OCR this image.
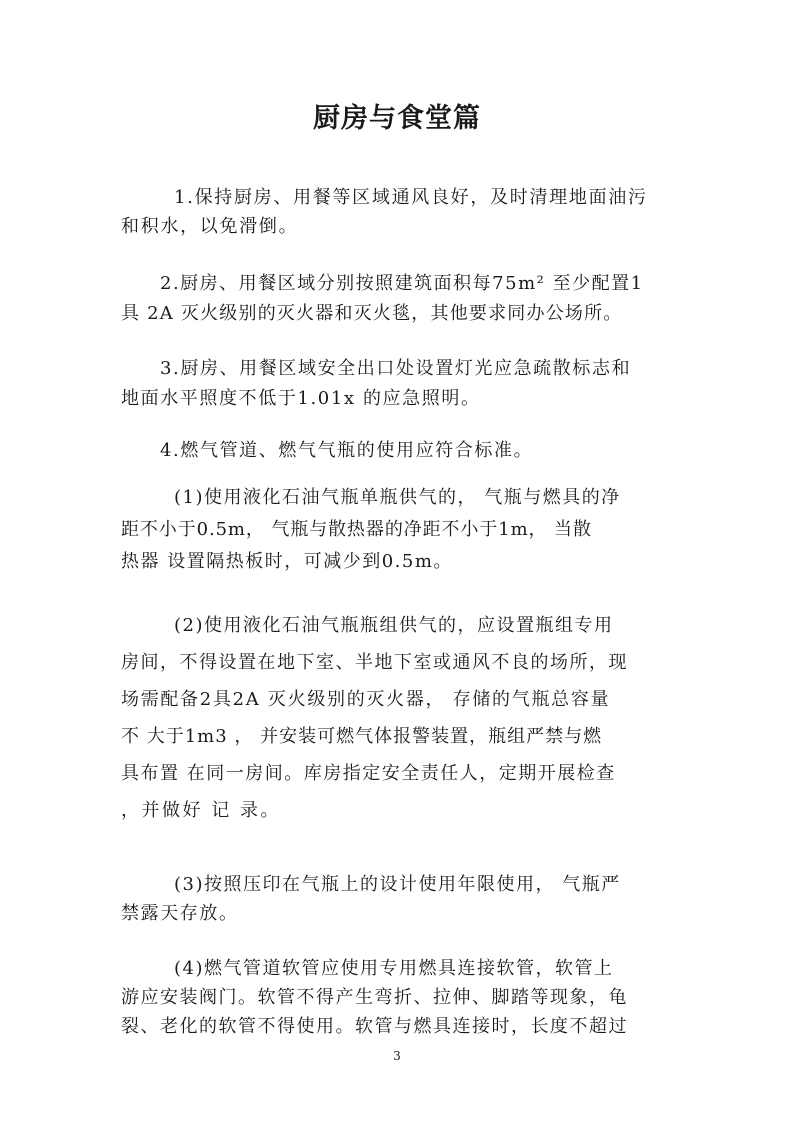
厨房与食堂篇
1.保持厨房、用餐等区域通风良好，及时清理地面油污
和积水，以免滑倒。
2.厨房、用餐区域分别按照建筑面积每75m² 至少配置1
具 2A 灭火级别的灭火器和灭火毯，其他要求同办公场所。
3.厨房、用餐区域安全出口处设置灯光应急疏散标志和
地面水平照度不低于1.01x 的应急照明。
4.燃气管道、燃气气瓶的使用应符合标准。
(1)使用液化石油气瓶单瓶供气的， 气瓶与燃具的净
距不小于0.5m， 气瓶与散热器的净距不小于1m， 当散
热器 设置隔热板时，可减少到0.5m。
(2)使用液化石油气瓶瓶组供气的，应设置瓶组专用
房间，不得设置在地下室、半地下室或通风不良的场所，现
场需配备2具2A 灭火级别的灭火器， 存储的气瓶总容量
不 大于1m3 ， 并安装可燃气体报警装置，瓶组严禁与燃
具布置 在同一房间。库房指定安全责任人，定期开展检查
，并做好 记 录。
(3)按照压印在气瓶上的设计使用年限使用， 气瓶严
禁露天存放。
(4)燃气管道软管应使用专用燃具连接软管，软管上
游应安装阀门。软管不得产生弯折、拉伸、脚踏等现象，龟
裂、老化的软管不得使用。软管与燃具连接时，长度不超过
3
